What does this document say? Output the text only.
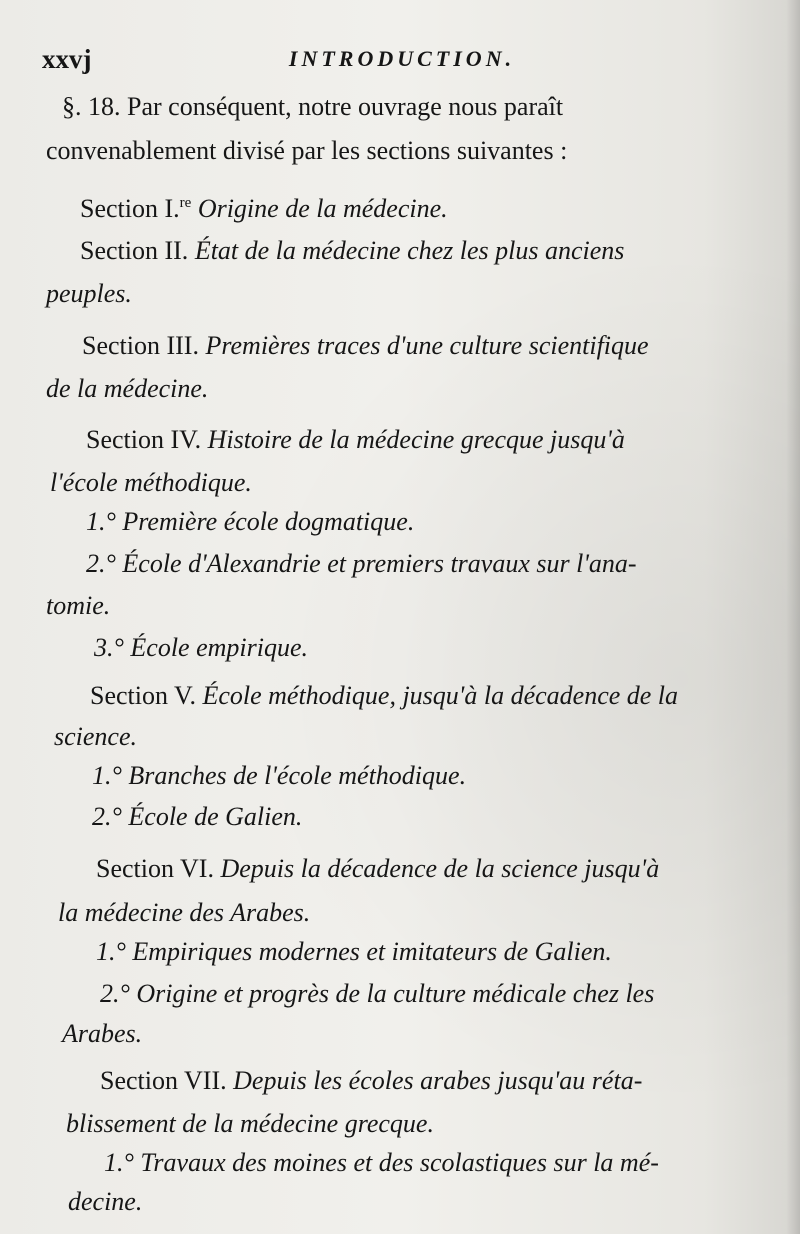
xxvj	INTRODUCTION.
§. 18. Par conséquent, notre ouvrage nous paraît
convenablement divisé par les sections suivantes :
Section I.$^{re}$ Origine de la médecine.
Section II. État de la médecine chez les plus anciens
peuples.
Section III. Premières traces d'une culture scientifique
de la médecine.
Section IV. Histoire de la médecine grecque jusqu'à
l'école méthodique.
1.° Première école dogmatique.
2.° École d'Alexandrie et premiers travaux sur l'ana-
tomie.
3.° École empirique.
Section V. École méthodique, jusqu'à la décadence de la
science.
1.° Branches de l'école méthodique.
2.° École de Galien.
Section VI. Depuis la décadence de la science jusqu'à
la médecine des Arabes.
1.° Empiriques modernes et imitateurs de Galien.
2.° Origine et progrès de la culture médicale chez les
Arabes.
Section VII. Depuis les écoles arabes jusqu'au réta-
blissement de la médecine grecque.
1.° Travaux des moines et des scolastiques sur la mé-
decine.
